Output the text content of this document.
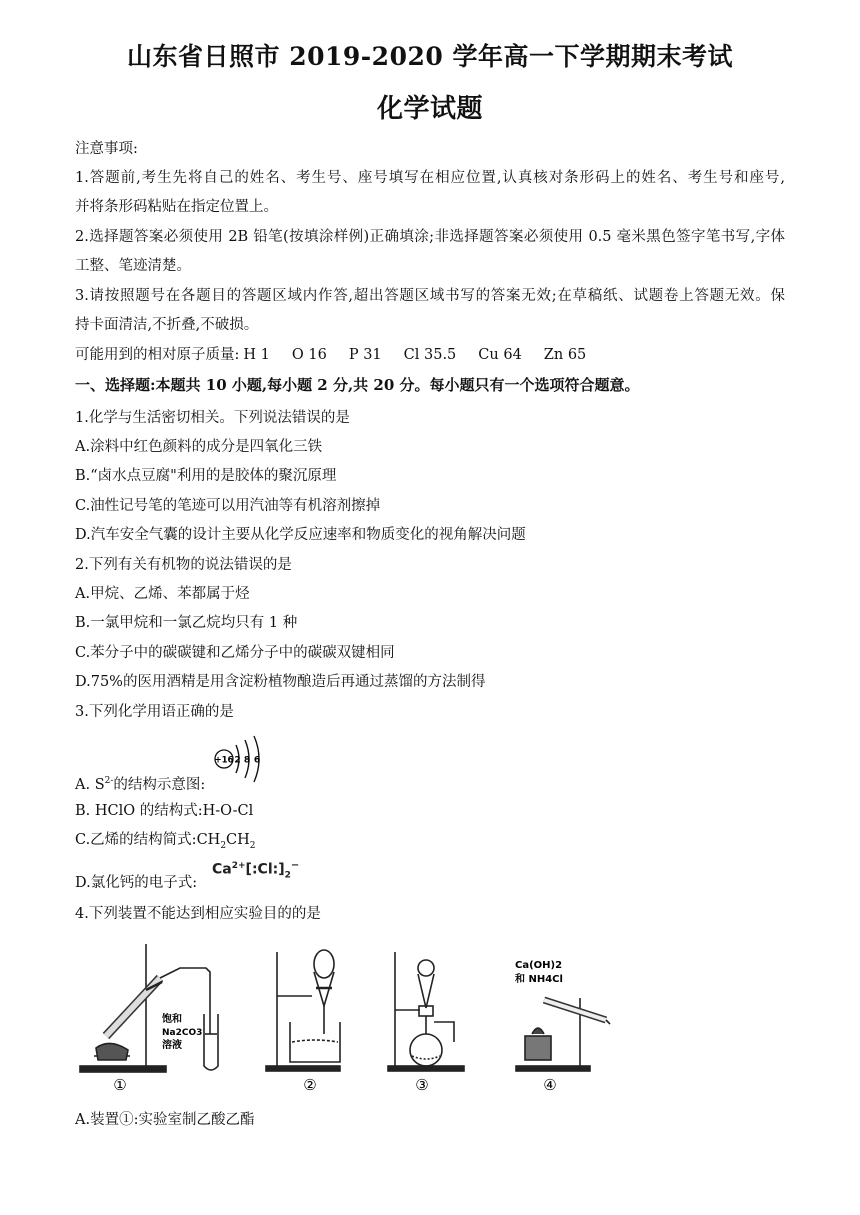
山东省日照市 2019-2020 学年高一下学期期末考试
化学试题
注意事项:
1.答题前,考生先将自己的姓名、考生号、座号填写在相应位置,认真核对条形码上的姓名、考生号和座号,
并将条形码粘贴在指定位置上。
2.选择题答案必须使用 2B 铅笔(按填涂样例)正确填涂;非选择题答案必须使用 0.5 毫米黑色签字笔书写,字体
工整、笔迹清楚。
3.请按照题号在各题目的答题区域内作答,超出答题区域书写的答案无效;在草稿纸、试题卷上答题无效。保
持卡面清洁,不折叠,不破损。
可能用到的相对原子质量: H 1 O 16 P 31 Cl 35.5 Cu 64 Zn 65
一、选择题:本题共 10 小题,每小题 2 分,共 20 分。每小题只有一个选项符合题意。
1.化学与生活密切相关。下列说法错误的是
A.涂料中红色颜料的成分是四氧化三铁
B.“卤水点豆腐"利用的是胶体的聚沉原理
C.油性记号笔的笔迹可以用汽油等有机溶剂擦掉
D.汽车安全气囊的设计主要从化学反应速率和物质变化的视角解决问题
2.下列有关有机物的说法错误的是
A.甲烷、乙烯、苯都属于烃
B.一氯甲烷和一氯乙烷均只有 1 种
C.苯分子中的碳碳键和乙烯分子中的碳碳双键相同
D.75%的医用酒精是用含淀粉植物酿造后再通过蒸馏的方法制得
3.下列化学用语正确的是
+16 2 8 6
A. $S^{2-}$的结构示意图:
B. HClO 的结构式:H-O-Cl
C.乙烯的结构简式$:CH_2CH_2$
D.氯化钙的电子式:
$Ca^{2+}[:Cl:]_2^-$
4.下列装置不能达到相应实验目的的是
饱和
Na2CO3
溶液
①	②	③
Ca(OH)2
和 NH4Cl
④
A.装置①:实验室制乙酸乙酯
